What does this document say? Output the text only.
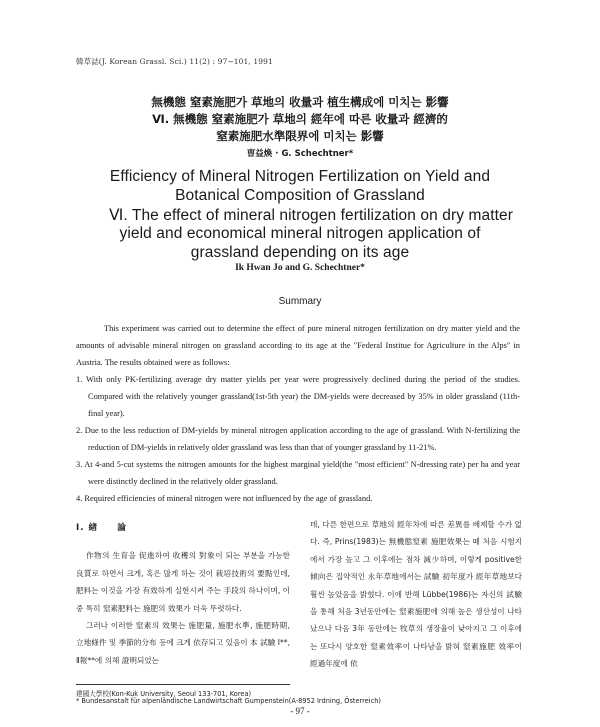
韓草誌(J. Korean Grassl. Sci.) 11(2) : 97∼101, 1991
無機態 窒素施肥가 草地의 收量과 植生構成에 미치는 影響
Ⅵ. 無機態 窒素施肥가 草地의 經年에 따른 收量과 經濟的
窒素施肥水準限界에 미치는 影響
曺益煥 · G. Schechtner*
Efficiency of Mineral Nitrogen Fertilization on Yield and
Botanical Composition of Grassland
Ⅵ. The effect of mineral nitrogen fertilization on dry matter
yield and economical mineral nitrogen application of
grassland depending on its age
Ik Hwan Jo and G. Schechtner*
Summary

This experiment was carried out to determine the effect of pure mineral nitrogen fertilization on dry matter yield and the amounts of advisable mineral nitrogen on grassland according to its age at the "Federal Institue for Agriculture in the Alps" in Austria. The results obtained were as follows:

1. With only PK-fertilizing average dry matter yields per year were progressively declined during the period of the studies. Compared with the relatively younger grassland(1st-5th year) the DM-yields were decreased by 35% in older grassland (11th-final year).
2. Due to the less reduction of DM-yields by mineral nitrogen application according to the age of grassland. With N-fertilizing the reduction of DM-yields in relatively older grassland was less than that of younger grassland by 11-21%.
3. At 4-and 5-cut systems the nitrogen amounts for the highest marginal yield(the "most efficient" N-dressing rate) per ha and year were distinctly declined in the relatively older grassland.
4. Required efficiencies of mineral nitrogen were not influenced by the age of grassland.

Ⅰ. 緖　　論

作物의 生育을 促進하여 收穫의 對象이 되는 부분을 가능한 良質로 하면서 크게, 혹은 많게 하는 것이 栽培技術의 要點인데, 肥料는 이것을 가장 有效하게 실현시켜 주는 手段의 하나이며, 이 중 특히 窒素肥料는 施肥의 效果가 더욱 뚜렷하다.

그러나 이러한 窒素의 效果는 施肥量, 施肥水準, 施肥時期, 立地條件 및 季節的分布 등에 크게 依存되고 있음이 本 試驗 Ⅰ**, Ⅱ報**에 의해 證明되었는

데, 다른 한편으로 草地의 經年차에 따른 差異를 배제할 수가 없다. 즉, Prins(1983)는 無機態窒素 施肥效果는 떼 처음 시험지에서 가장 높고 그 이후에는 점차 減少하며, 이렇게 positive한 傾向은 집약적인 永年草地에서는 試驗 初年度가 經年草地보다 훨씬 높았음을 밝혔다. 이에 반해 Lübbe(1986)는 자신의 試驗을 통해 처음 3년동안에는 窒素施肥에 의해 높은 생산성이 나타났으나 다음 3年 동안에는 牧草의 생장율이 낮아지고 그 이후에는 또다시 양호한 窒素效率이 나타남을 밝혀 窒素施肥 效率이 經過年度에 依

建國大學校(Kon-Kuk University, Seoul 133-701, Korea)
* Bundesanstalt für alpenländische Landwirtschaft Gumpenstein(A-8952 Irdning, Österreich)
- 97 -
